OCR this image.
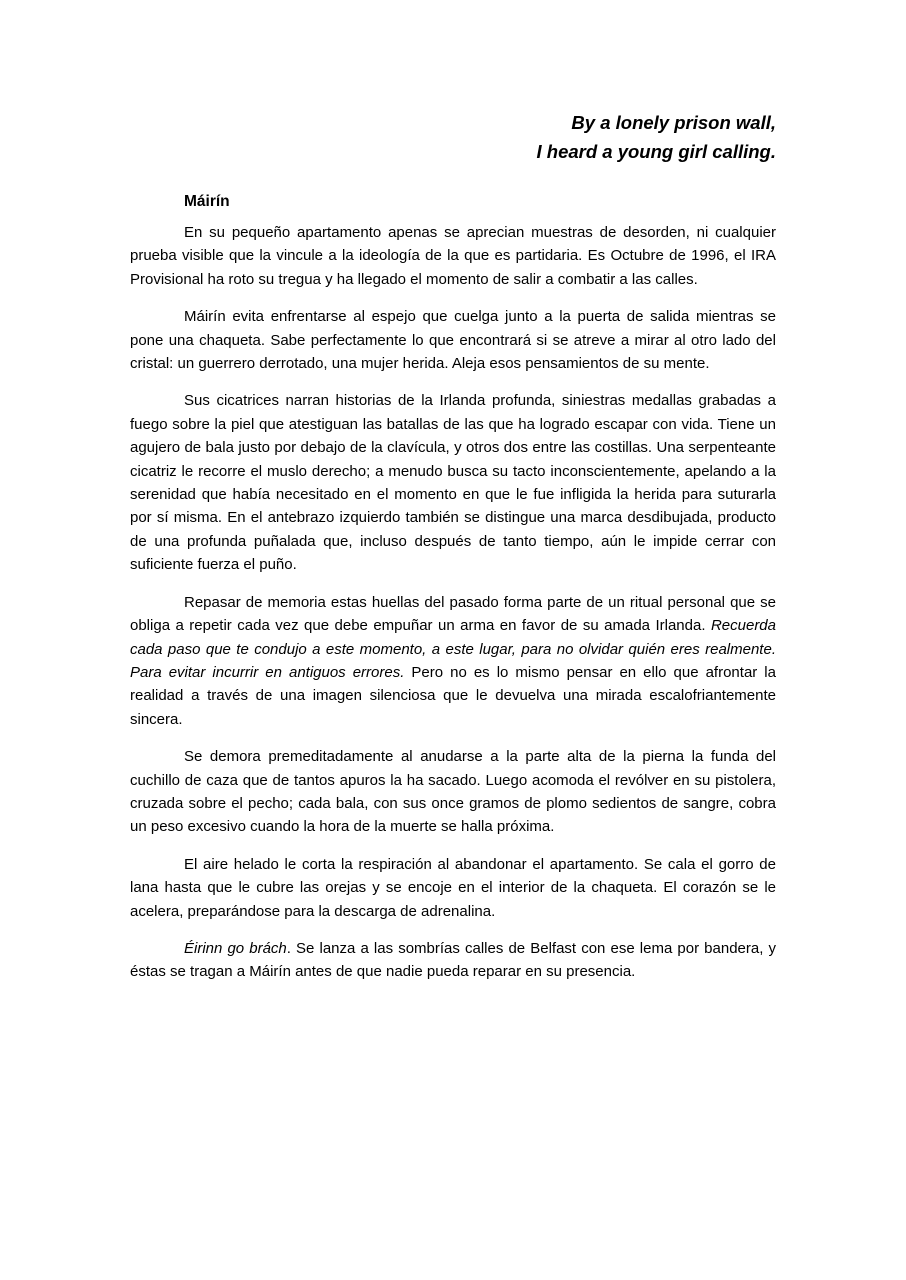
By a lonely prison wall,
I heard a young girl calling.

Máirín

En su pequeño apartamento apenas se aprecian muestras de desorden, ni cualquier prueba visible que la vincule a la ideología de la que es partidaria. Es Octubre de 1996, el IRA Provisional ha roto su tregua y ha llegado el momento de salir a combatir a las calles.

Máirín evita enfrentarse al espejo que cuelga junto a la puerta de salida mientras se pone una chaqueta. Sabe perfectamente lo que encontrará si se atreve a mirar al otro lado del cristal: un guerrero derrotado, una mujer herida. Aleja esos pensamientos de su mente.

Sus cicatrices narran historias de la Irlanda profunda, siniestras medallas grabadas a fuego sobre la piel que atestiguan las batallas de las que ha logrado escapar con vida. Tiene un agujero de bala justo por debajo de la clavícula, y otros dos entre las costillas. Una serpenteante cicatriz le recorre el muslo derecho; a menudo busca su tacto inconscientemente, apelando a la serenidad que había necesitado en el momento en que le fue infligida la herida para suturarla por sí misma. En el antebrazo izquierdo también se distingue una marca desdibujada, producto de una profunda puñalada que, incluso después de tanto tiempo, aún le impide cerrar con suficiente fuerza el puño.

Repasar de memoria estas huellas del pasado forma parte de un ritual personal que se obliga a repetir cada vez que debe empuñar un arma en favor de su amada Irlanda. Recuerda cada paso que te condujo a este momento, a este lugar, para no olvidar quién eres realmente. Para evitar incurrir en antiguos errores. Pero no es lo mismo pensar en ello que afrontar la realidad a través de una imagen silenciosa que le devuelva una mirada escalofriantemente sincera.

Se demora premeditadamente al anudarse a la parte alta de la pierna la funda del cuchillo de caza que de tantos apuros la ha sacado. Luego acomoda el revólver en su pistolera, cruzada sobre el pecho; cada bala, con sus once gramos de plomo sedientos de sangre, cobra un peso excesivo cuando la hora de la muerte se halla próxima.

El aire helado le corta la respiración al abandonar el apartamento. Se cala el gorro de lana hasta que le cubre las orejas y se encoje en el interior de la chaqueta. El corazón se le acelera, preparándose para la descarga de adrenalina.

Éirinn go brách. Se lanza a las sombrías calles de Belfast con ese lema por bandera, y éstas se tragan a Máirín antes de que nadie pueda reparar en su presencia.
